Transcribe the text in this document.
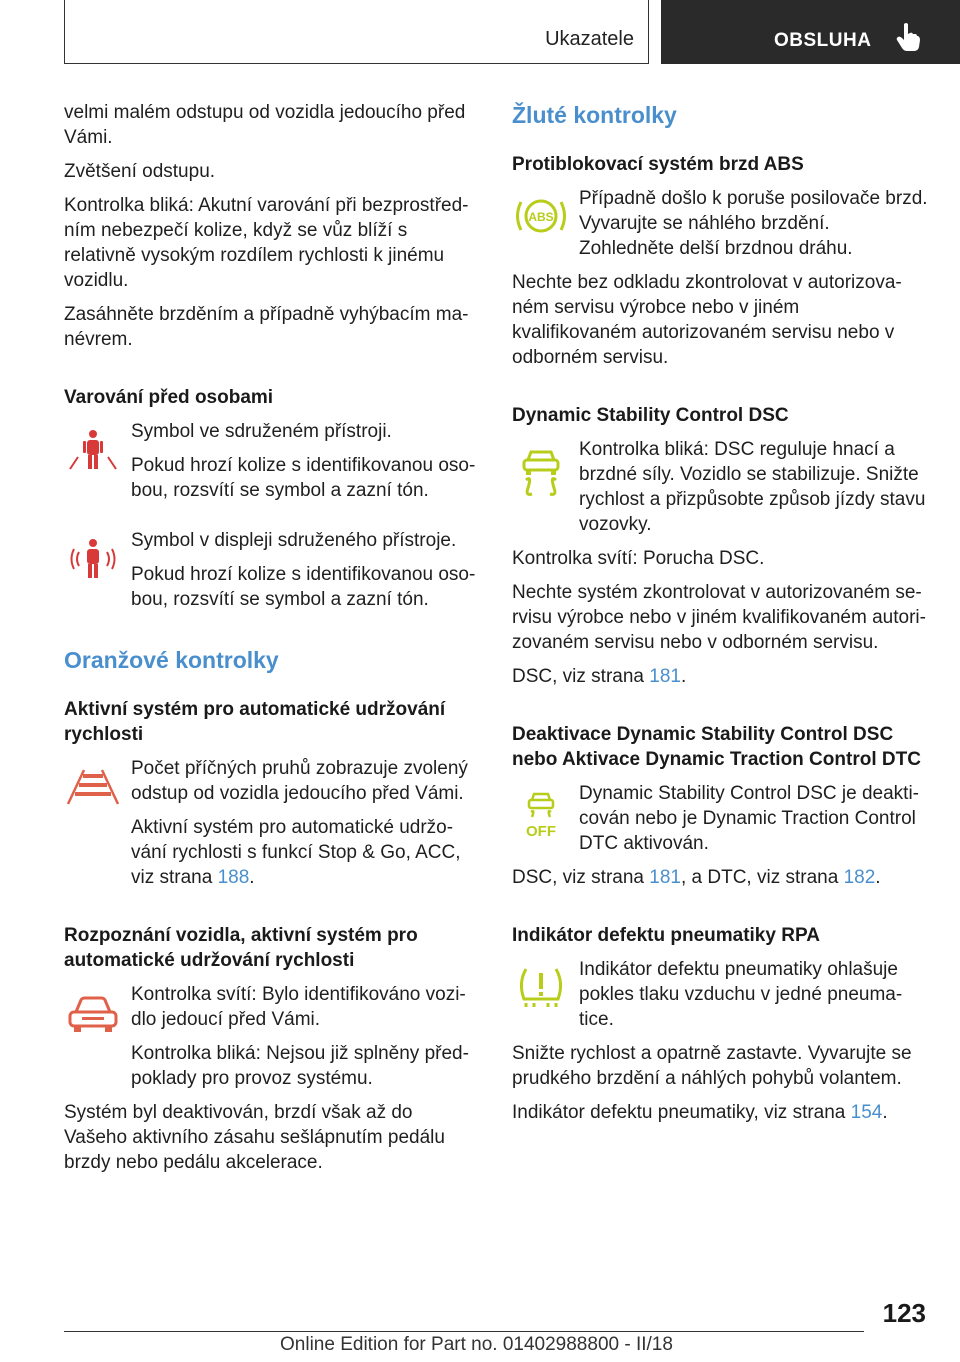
Ukazatele	OBSLUHA

velmi malém odstupu od vozidla jedoucího před Vámi.

Zvětšení odstupu.

Kontrolka bliká: Akutní varování při bezprostřed‐ním nebezpečí kolize, když se vůz blíží s relativně vysokým rozdílem rychlosti k jinému vozidlu.

Zasáhněte brzděním a případně vyhýbacím ma‐névrem.

Varování před osobami

Symbol ve sdruženém přístroji.

Pokud hrozí kolize s identifikovanou oso‐bou, rozsvítí se symbol a zazní tón.

Symbol v displeji sdruženého přístroje.

Pokud hrozí kolize s identifikovanou oso‐bou, rozsvítí se symbol a zazní tón.

Oranžové kontrolky
Aktivní systém pro automatické udržování rychlosti

Počet příčných pruhů zobrazuje zvolený odstup od vozidla jedoucího před Vámi.

Aktivní systém pro automatické udržo‐vání rychlosti s funkcí Stop & Go, ACC, viz strana 188.

Rozpoznání vozidla, aktivní systém pro automatické udržování rychlosti

Kontrolka svítí: Bylo identifikováno vozi‐dlo jedoucí před Vámi.

Kontrolka bliká: Nejsou již splněny před‐poklady pro provoz systému.

Systém byl deaktivován, brzdí však až do Vašeho aktivního zásahu sešlápnutím pedálu brzdy nebo pedálu akcelerace.

Žluté kontrolky
Protiblokovací systém brzd ABS
ABS

Případně došlo k poruše posilovače brzd. Vyvarujte se náhlého brzdění. Zohledněte delší brzdnou dráhu.

Nechte bez odkladu zkontrolovat v autorizova‐ném servisu výrobce nebo v jiném kvalifikovaném autorizovaném servisu nebo v odborném servisu.

Dynamic Stability Control DSC

Kontrolka bliká: DSC reguluje hnací a brzdné síly. Vozidlo se stabilizuje. Snižte rychlost a přizpůsobte způsob jízdy stavu vozovky.

Kontrolka svítí: Porucha DSC.

Nechte systém zkontrolovat v autorizovaném se‐rvisu výrobce nebo v jiném kvalifikovaném autori‐zovaném servisu nebo v odborném servisu.

DSC, viz strana 181.

Deaktivace Dynamic Stability Control DSC nebo Aktivace Dynamic Traction Control DTC
OFF

Dynamic Stability Control DSC je deakti‐cován nebo je Dynamic Traction Control DTC aktivován.

DSC, viz strana 181, a DTC, viz strana 182.

Indikátor defektu pneumatiky RPA

Indikátor defektu pneumatiky ohlašuje pokles tlaku vzduchu v jedné pneuma‐tice.

Snižte rychlost a opatrně zastavte. Vyvarujte se prudkého brzdění a náhlých pohybů volantem.

Indikátor defektu pneumatiky, viz strana 154.

123
Online Edition for Part no. 01402988800 - II/18
